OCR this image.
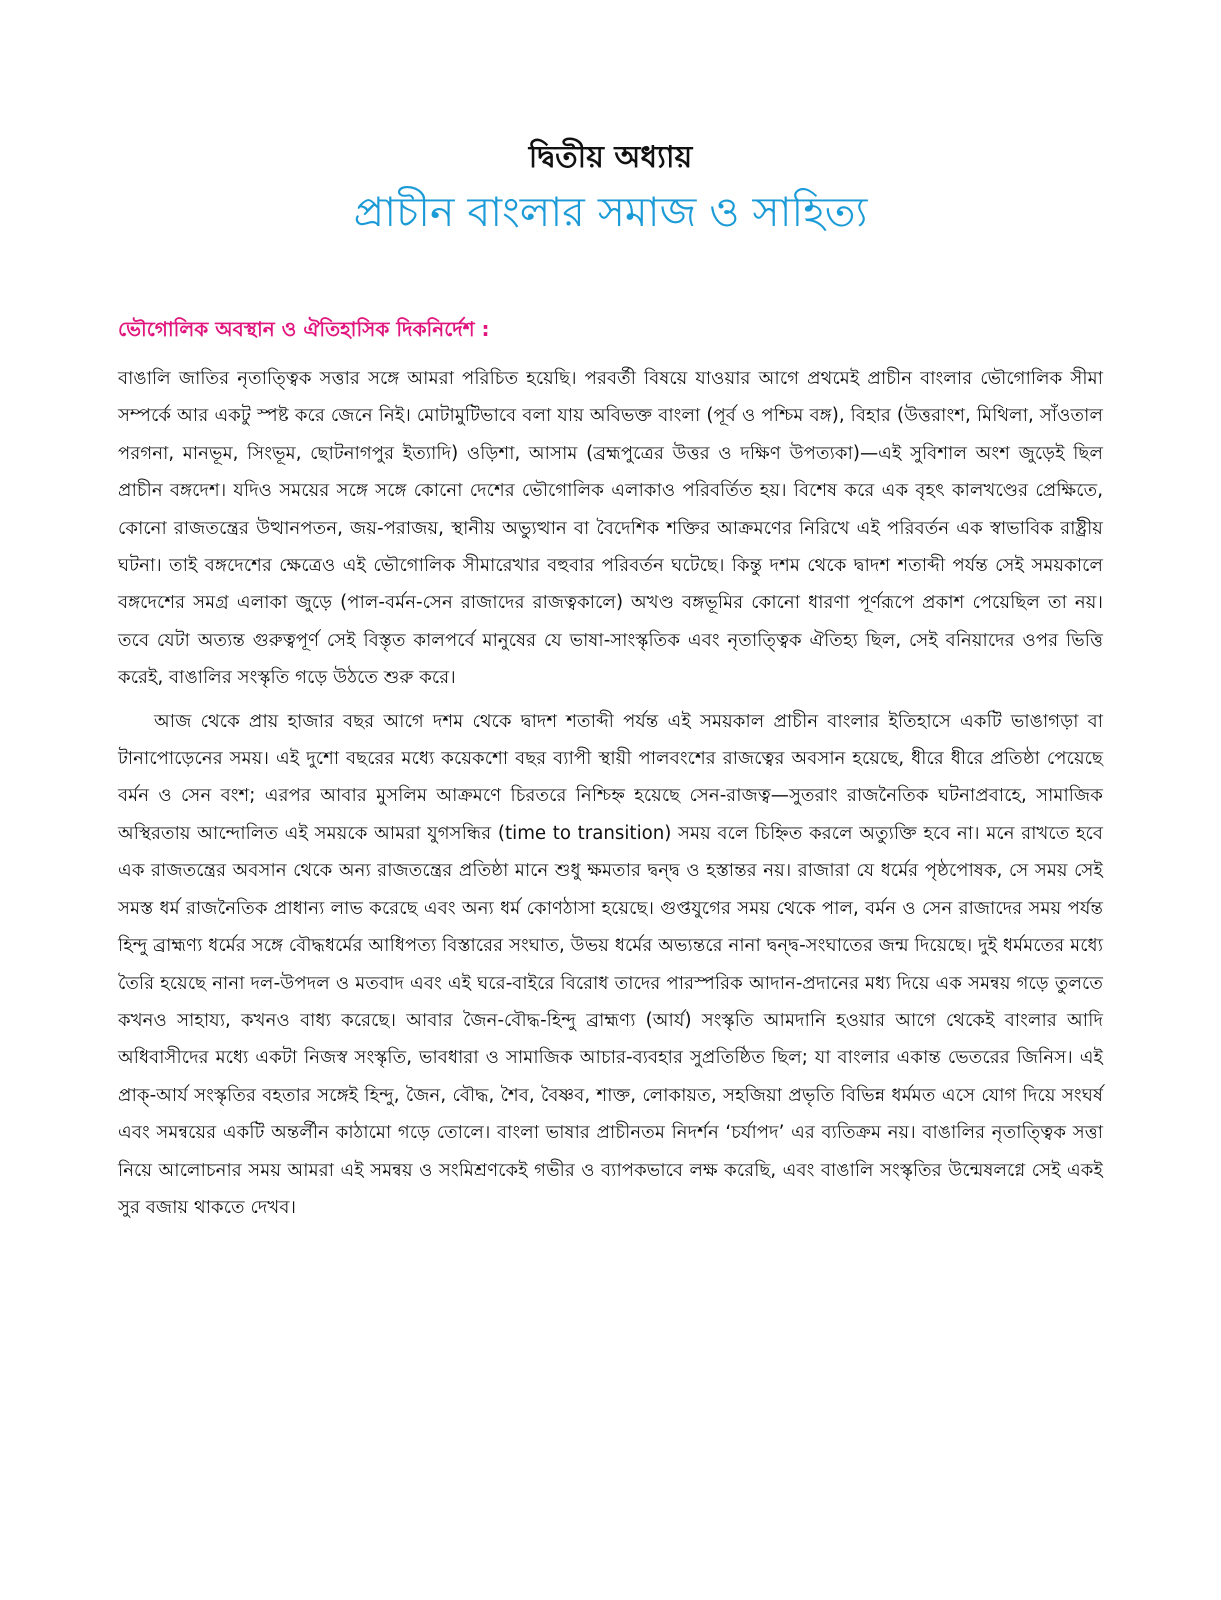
দ্বিতীয় অধ্যায়
প্রাচীন বাংলার সমাজ ও সাহিত্য
ভৌগোলিক অবস্থান ও ঐতিহাসিক দিকনির্দেশ :

বাঙালি জাতির নৃতাত্ত্বিক সত্তার সঙ্গে আমরা পরিচিত হয়েছি। পরবর্তী বিষয়ে যাওয়ার আগে প্রথমেই প্রাচীন বাংলার ভৌগোলিক সীমা সম্পর্কে আর একটু স্পষ্ট করে জেনে নিই। মোটামুটিভাবে বলা যায় অবিভক্ত বাংলা (পূর্ব ও পশ্চিম বঙ্গ), বিহার (উত্তরাংশ, মিথিলা, সাঁওতাল পরগনা, মানভূম, সিংভূম, ছোটনাগপুর ইত্যাদি) ওড়িশা, আসাম (ব্রহ্মপুত্রের উত্তর ও দক্ষিণ উপত্যকা)—এই সুবিশাল অংশ জুড়েই ছিল প্রাচীন বঙ্গদেশ। যদিও সময়ের সঙ্গে সঙ্গে কোনো দেশের ভৌগোলিক এলাকাও পরিবর্তিত হয়। বিশেষ করে এক বৃহৎ কালখণ্ডের প্রেক্ষিতে, কোনো রাজতন্ত্রের উত্থানপতন, জয়-পরাজয়, স্থানীয় অভ্যুত্থান বা বৈদেশিক শক্তির আক্রমণের নিরিখে এই পরিবর্তন এক স্বাভাবিক রাষ্ট্রীয় ঘটনা। তাই বঙ্গদেশের ক্ষেত্রেও এই ভৌগোলিক সীমারেখার বহুবার পরিবর্তন ঘটেছে। কিন্তু দশম থেকে দ্বাদশ শতাব্দী পর্যন্ত সেই সময়কালে বঙ্গদেশের সমগ্র এলাকা জুড়ে (পাল-বর্মন-সেন রাজাদের রাজত্বকালে) অখণ্ড বঙ্গভূমির কোনো ধারণা পূর্ণরূপে প্রকাশ পেয়েছিল তা নয়। তবে যেটা অত্যন্ত গুরুত্বপূর্ণ সেই বিস্তৃত কালপর্বে মানুষের যে ভাষা-সাংস্কৃতিক এবং নৃতাত্ত্বিক ঐতিহ্য ছিল, সেই বনিয়াদের ওপর ভিত্তি করেই, বাঙালির সংস্কৃতি গড়ে উঠতে শুরু করে।

আজ থেকে প্রায় হাজার বছর আগে দশম থেকে দ্বাদশ শতাব্দী পর্যন্ত এই সময়কাল প্রাচীন বাংলার ইতিহাসে একটি ভাঙাগড়া বা টানাপোড়েনের সময়। এই দুশো বছরের মধ্যে কয়েকশো বছর ব্যাপী স্থায়ী পালবংশের রাজত্বের অবসান হয়েছে, ধীরে ধীরে প্রতিষ্ঠা পেয়েছে বর্মন ও সেন বংশ; এরপর আবার মুসলিম আক্রমণে চিরতরে নিশ্চিহ্ন হয়েছে সেন-রাজত্ব—সুতরাং রাজনৈতিক ঘটনাপ্রবাহে, সামাজিক অস্থিরতায় আন্দোলিত এই সময়কে আমরা যুগসন্ধির (time to transition) সময় বলে চিহ্নিত করলে অত্যুক্তি হবে না। মনে রাখতে হবে এক রাজতন্ত্রের অবসান থেকে অন্য রাজতন্ত্রের প্রতিষ্ঠা মানে শুধু ক্ষমতার দ্বন্দ্ব ও হস্তান্তর নয়। রাজারা যে ধর্মের পৃষ্ঠপোষক, সে সময় সেই সমস্ত ধর্ম রাজনৈতিক প্রাধান্য লাভ করেছে এবং অন্য ধর্ম কোণঠাসা হয়েছে। গুপ্তযুগের সময় থেকে পাল, বর্মন ও সেন রাজাদের সময় পর্যন্ত হিন্দু ব্রাহ্মণ্য ধর্মের সঙ্গে বৌদ্ধধর্মের আধিপত্য বিস্তারের সংঘাত, উভয় ধর্মের অভ্যন্তরে নানা দ্বন্দ্ব-সংঘাতের জন্ম দিয়েছে। দুই ধর্মমতের মধ্যে তৈরি হয়েছে নানা দল-উপদল ও মতবাদ এবং এই ঘরে-বাইরে বিরোধ তাদের পারস্পরিক আদান-প্রদানের মধ্য দিয়ে এক সমন্বয় গড়ে তুলতে কখনও সাহায্য, কখনও বাধ্য করেছে। আবার জৈন-বৌদ্ধ-হিন্দু ব্রাহ্মণ্য (আর্য) সংস্কৃতি আমদানি হওয়ার আগে থেকেই বাংলার আদি অধিবাসীদের মধ্যে একটা নিজস্ব সংস্কৃতি, ভাবধারা ও সামাজিক আচার-ব্যবহার সুপ্রতিষ্ঠিত ছিল; যা বাংলার একান্ত ভেতরের জিনিস। এই প্রাক্-আর্য সংস্কৃতির বহতার সঙ্গেই হিন্দু, জৈন, বৌদ্ধ, শৈব, বৈষ্ণব, শাক্ত, লোকায়ত, সহজিয়া প্রভৃতি বিভিন্ন ধর্মমত এসে যোগ দিয়ে সংঘর্ষ এবং সমন্বয়ের একটি অন্তর্লীন কাঠামো গড়ে তোলে। বাংলা ভাষার প্রাচীনতম নিদর্শন ‘চর্যাপদ’ এর ব্যতিক্রম নয়। বাঙালির নৃতাত্ত্বিক সত্তা নিয়ে আলোচনার সময় আমরা এই সমন্বয় ও সংমিশ্রণকেই গভীর ও ব্যাপকভাবে লক্ষ করেছি, এবং বাঙালি সংস্কৃতির উন্মেষলগ্নে সেই একই সুর বজায় থাকতে দেখব।
